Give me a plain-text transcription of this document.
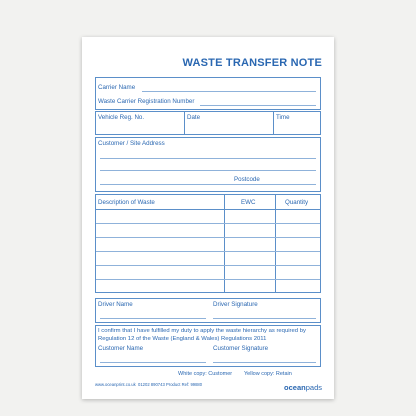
WASTE TRANSFER NOTE
Carrier Name
Waste Carrier Registration Number
Vehicle Reg. No.	Date	Time
Customer / Site Address
Postcode
Description of Waste	EWC	Quantity
Driver Name	Driver Signature
I confirm that I have fulfilled my duty to apply the waste hierarchy as required by Regulation 12 of the Waste (England & Wales) Regulations 2011
Customer Name	Customer Signature
White copy: Customer Yellow copy: Retain
www.oceanprint.co.uk 01202 890743 Product Ref: 99880	oceanpads
